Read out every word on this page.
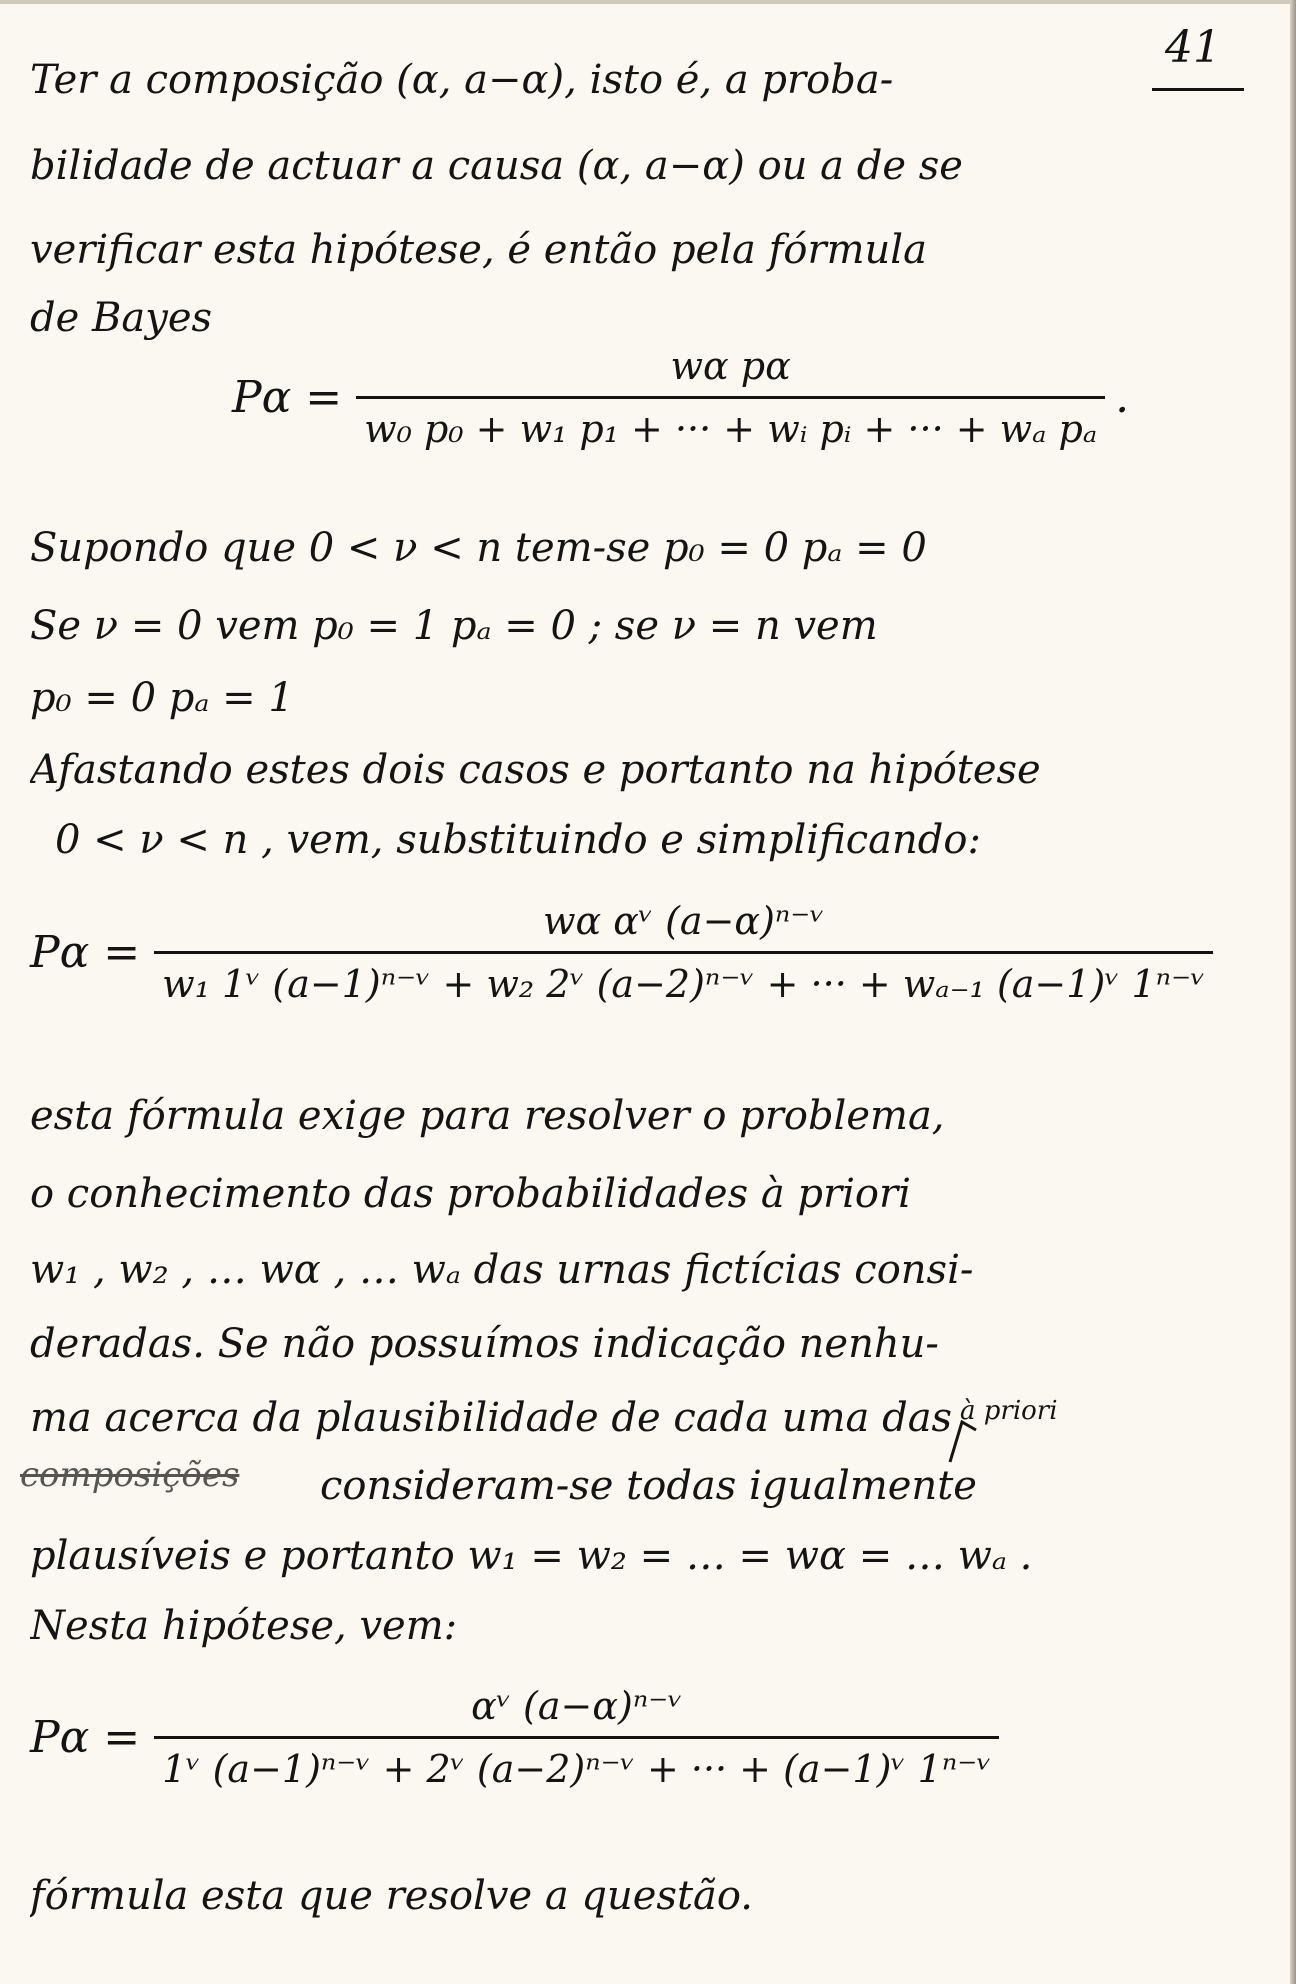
41
Ter a composição (α, a−α), isto é, a proba-
bilidade de actuar a causa (α, a−α) ou a de se
verificar esta hipótese, é então pela fórmula
de Bayes
$P\alpha = \frac{\text{wα pα}}{\text{w₀ p₀ + w₁ p₁ + ··· + wᵢ pᵢ + ··· + wₐ pₐ}}$ .
Supondo que 0 < ν < n tem-se p₀ = 0 pₐ = 0
Se ν = 0 vem p₀ = 1 pₐ = 0 ; se ν = n vem
p₀ = 0 pₐ = 1
Afastando estes dois casos e portanto na hipótese
0 < ν < n , vem, substituindo e simplificando:
$P\alpha = \frac{\text{wα αᵛ (a−α)ⁿ⁻ᵛ}}{\text{w₁ 1ᵛ (a−1)ⁿ⁻ᵛ + w₂ 2ᵛ (a−2)ⁿ⁻ᵛ + ··· + wₐ₋₁ (a−1)ᵛ 1ⁿ⁻ᵛ}}$
esta fórmula exige para resolver o problema,
o conhecimento das probabilidades à priori
w₁ , w₂ , … wα , … wₐ das urnas fictícias consi-
deradas. Se não possuímos indicação nenhu-
ma acerca da plausibilidade de cada uma das
composições
à priori
consideram-se todas igualmente
plausíveis e portanto w₁ = w₂ = … = wα = … wₐ .
Nesta hipótese, vem:
$P\alpha = \frac{\text{αᵛ (a−α)ⁿ⁻ᵛ}}{\text{1ᵛ (a−1)ⁿ⁻ᵛ + 2ᵛ (a−2)ⁿ⁻ᵛ + ··· + (a−1)ᵛ 1ⁿ⁻ᵛ}}$
fórmula esta que resolve a questão.
